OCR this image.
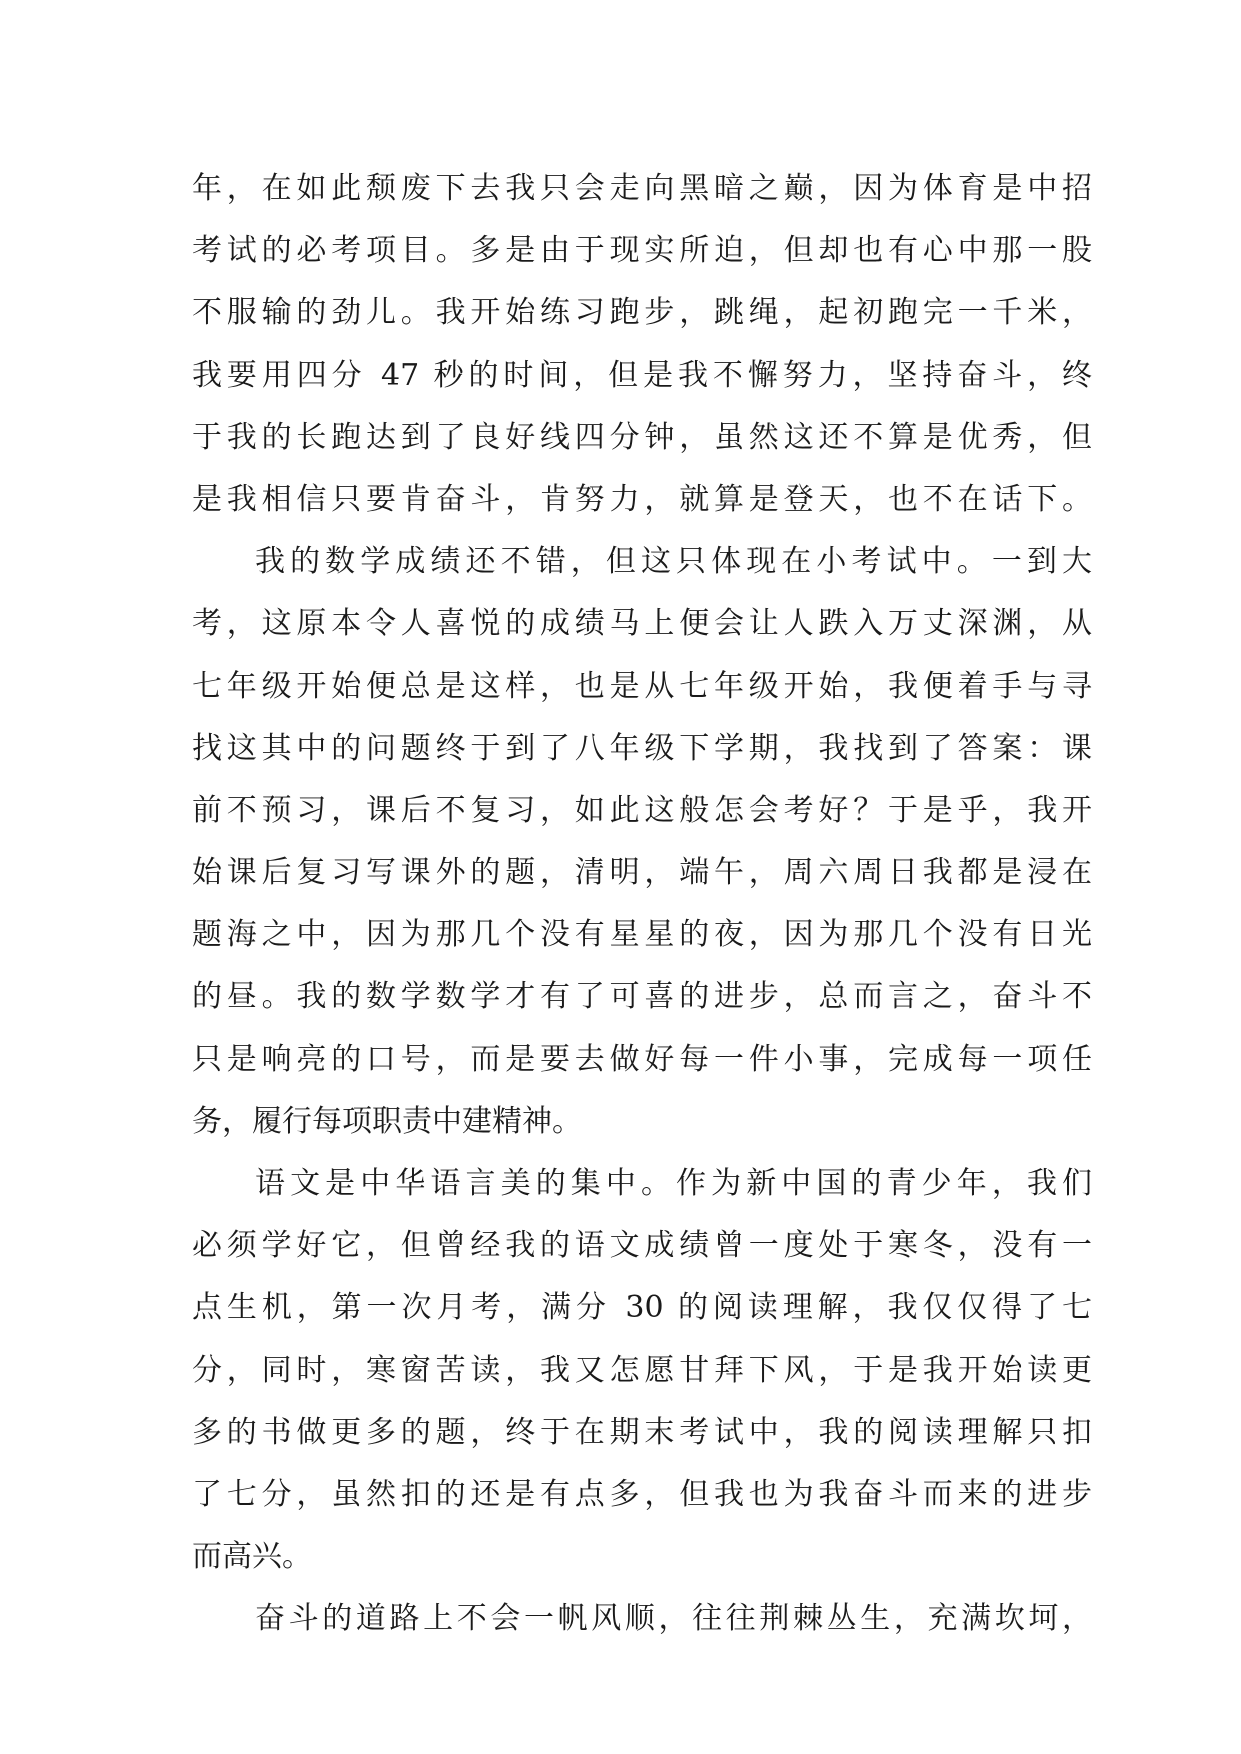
年，在如此颓废下去我只会走向黑暗之巅，因为体育是中招
考试的必考项目。多是由于现实所迫，但却也有心中那一股
不服输的劲儿。我开始练习跑步，跳绳，起初跑完一千米，
我要用四分 47 秒的时间，但是我不懈努力，坚持奋斗，终
于我的长跑达到了良好线四分钟，虽然这还不算是优秀，但
是我相信只要肯奋斗，肯努力，就算是登天，也不在话下。
我的数学成绩还不错，但这只体现在小考试中。一到大
考，这原本令人喜悦的成绩马上便会让人跌入万丈深渊，从
七年级开始便总是这样，也是从七年级开始，我便着手与寻
找这其中的问题终于到了八年级下学期，我找到了答案：课
前不预习，课后不复习，如此这般怎会考好？于是乎，我开
始课后复习写课外的题，清明，端午，周六周日我都是浸在
题海之中，因为那几个没有星星的夜，因为那几个没有日光
的昼。我的数学数学才有了可喜的进步，总而言之，奋斗不
只是响亮的口号，而是要去做好每一件小事，完成每一项任
务，履行每项职责中建精神。
语文是中华语言美的集中。作为新中国的青少年，我们
必须学好它，但曾经我的语文成绩曾一度处于寒冬，没有一
点生机，第一次月考，满分 30 的阅读理解，我仅仅得了七
分，同时，寒窗苦读，我又怎愿甘拜下风，于是我开始读更
多的书做更多的题，终于在期末考试中，我的阅读理解只扣
了七分，虽然扣的还是有点多，但我也为我奋斗而来的进步
而高兴。
奋斗的道路上不会一帆风顺，往往荆棘丛生，充满坎坷，
